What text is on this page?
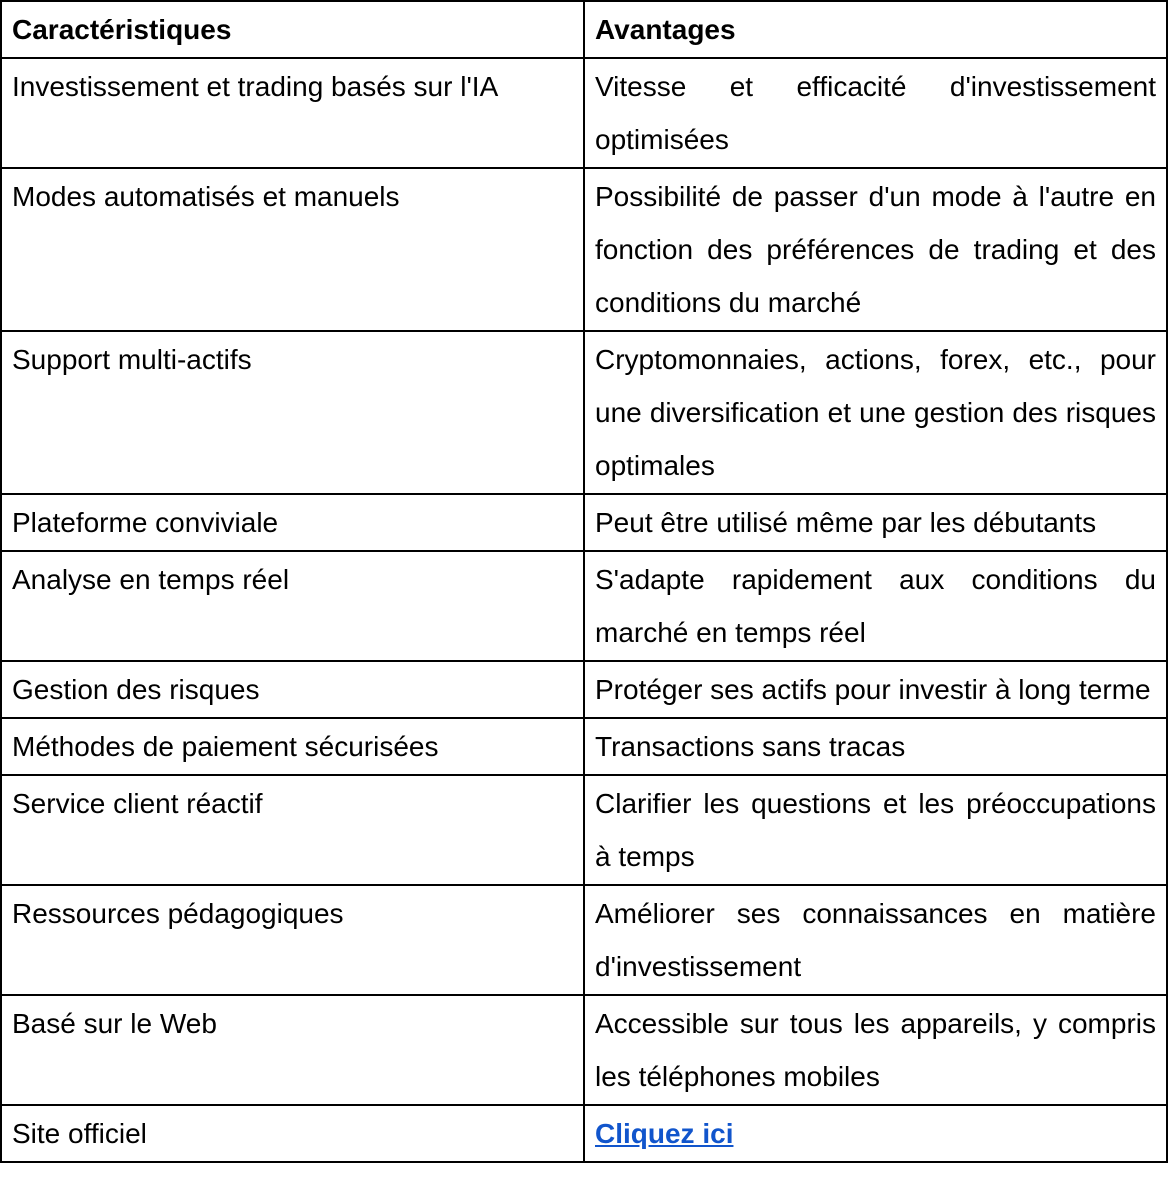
Caractéristiques	Avantages
Investissement et trading basés sur l'IA	Vitesse et efficacité d'investissement optimisées
Modes automatisés et manuels	Possibilité de passer d'un mode à l'autre en fonction des préférences de trading et des conditions du marché
Support multi-actifs	Cryptomonnaies, actions, forex, etc., pour une diversification et une gestion des risques optimales
Plateforme conviviale	Peut être utilisé même par les débutants
Analyse en temps réel	S'adapte rapidement aux conditions du marché en temps réel
Gestion des risques	Protéger ses actifs pour investir à long terme
Méthodes de paiement sécurisées	Transactions sans tracas
Service client réactif	Clarifier les questions et les préoccupations à temps
Ressources pédagogiques	Améliorer ses connaissances en matière d'investissement
Basé sur le Web	Accessible sur tous les appareils, y compris les téléphones mobiles
Site officiel	Cliquez ici
